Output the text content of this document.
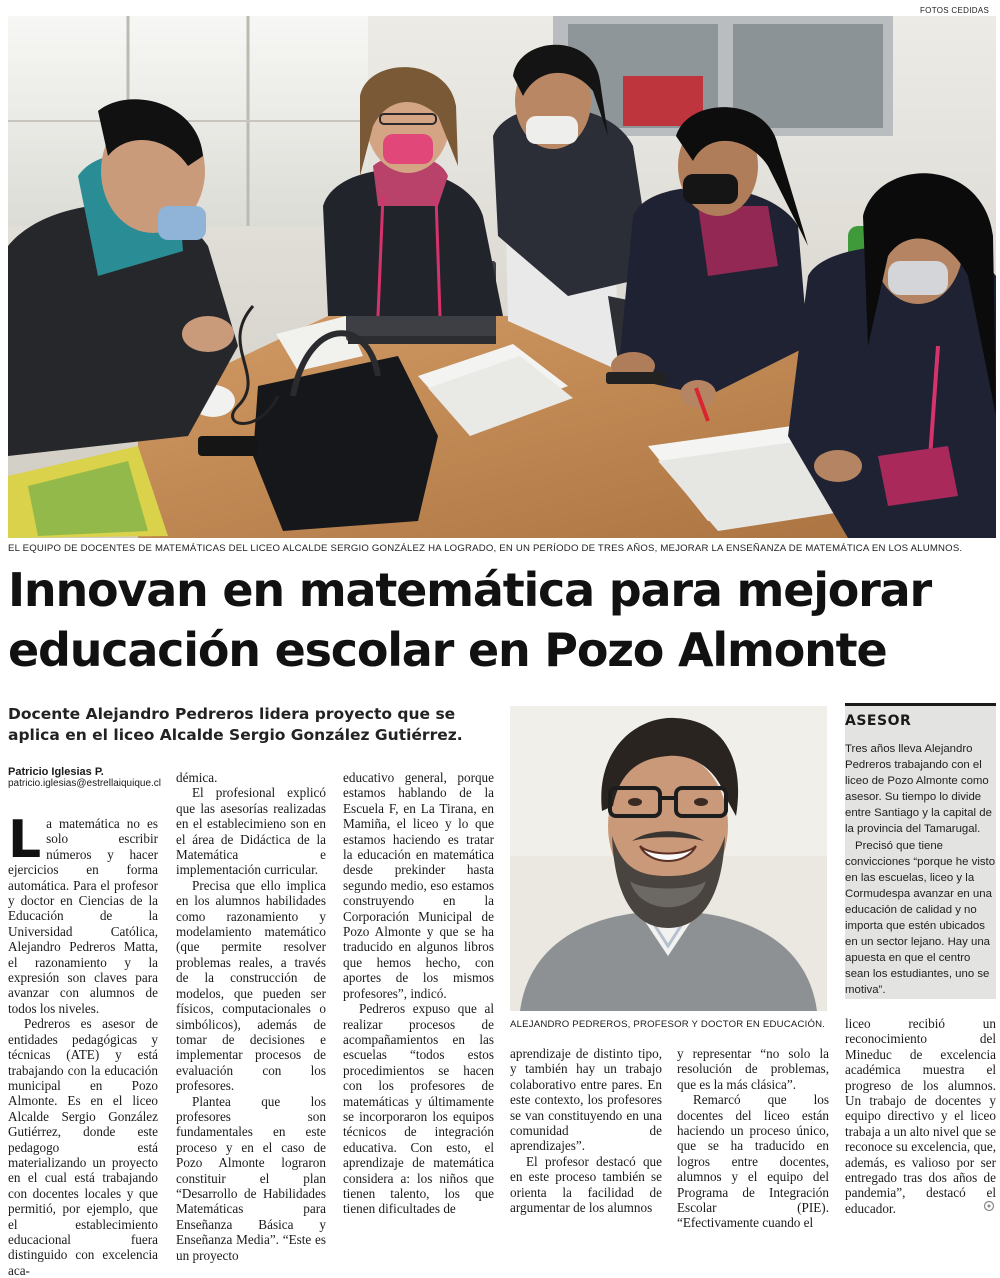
FOTOS CEDIDAS
EL EQUIPO DE DOCENTES DE MATEMÁTICAS DEL LICEO ALCALDE SERGIO GONZÁLEZ HA LOGRADO, EN UN PERÍODO DE TRES AÑOS, MEJORAR LA ENSEÑANZA DE MATEMÁTICA EN LOS ALUMNOS.
Innovan en matemática para mejorar
educación escolar en Pozo Almonte
Docente Alejandro Pedreros lidera proyecto que se aplica en el liceo Alcalde Sergio González Gutiérrez.
Patricio Iglesias P.
patricio.iglesias@estrellaiquique.cl

La matemática no es solo escribir números y hacer ejercicios en forma automática. Para el profesor y doctor en Ciencias de la Educación de la Universidad Católica, Alejandro Pedreros Matta, el razonamiento y la expresión son claves para avanzar con alumnos de todos los niveles.

Pedreros es asesor de entidades pedagógicas y técnicas (ATE) y está trabajando con la educación municipal en Pozo Almonte. Es en el liceo Alcalde Sergio González Gutiérrez, donde este pedagogo está materializando un proyecto en el cual está trabajando con docentes locales y que permitió, por ejemplo, que el establecimiento educacional fuera distinguido con excelencia aca-

démica.

El profesional explicó que las asesorías realizadas en el establecimieno son en el área de Didáctica de la Matemática e implementación curricular.

Precisa que ello implica en los alumnos habilidades como razonamiento y modelamiento matemático (que permite resolver problemas reales, a través de la construcción de modelos, que pueden ser físicos, computacionales o simbólicos), además de tomar de decisiones e implementar procesos de evaluación con los profesores.

Plantea que los profesores son fundamentales en este proceso y en el caso de Pozo Almonte lograron constituir el plan “Desarrollo de Habilidades Matemáticas para Enseñanza Básica y Enseñanza Media”. “Este es un proyecto

educativo general, porque estamos hablando de la Escuela F, en La Tirana, en Mamiña, el liceo y lo que estamos haciendo es tratar la educación en matemática desde prekinder hasta segundo medio, eso estamos construyendo en la Corporación Municipal de Pozo Almonte y que se ha traducido en algunos libros que hemos hecho, con aportes de los mismos profesores”, indicó.

Pedreros expuso que al realizar procesos de acompañamientos en las escuelas “todos estos procedimientos se hacen con los profesores de matemáticas y últimamente se incorporaron los equipos técnicos de integración educativa. Con esto, el aprendizaje de matemática considera a: los niños que tienen talento, los que tienen dificultades de

ALEJANDRO PEDREROS, PROFESOR Y DOCTOR EN EDUCACIÓN.
ASESOR

Tres años lleva Alejandro Pedreros trabajando con el liceo de Pozo Almonte como asesor. Su tiempo lo divide entre Santiago y la capital de la provincia del Tamarugal.

Precisó que tiene convicciones “porque he visto en las escuelas, liceo y la Cormudespa avanzar en una educación de calidad y no importa que estén ubicados en un sector lejano. Hay una apuesta en que el centro sean los estudiantes, uno se motiva”.

aprendizaje de distinto tipo, y también hay un trabajo colaborativo entre pares. En este contexto, los profesores se van constituyendo en una comunidad de aprendizajes”.

El profesor destacó que en este proceso también se orienta la facilidad de argumentar de los alumnos

y representar “no solo la resolución de problemas, que es la más clásica”.

Remarcó que los docentes del liceo están haciendo un proceso único, que se ha traducido en logros entre docentes, alumnos y el equipo del Programa de Integración Escolar (PIE). “Efectivamente cuando el

liceo recibió un reconocimiento del Mineduc de excelencia académica muestra el progreso de los alumnos. Un trabajo de docentes y equipo directivo y el liceo trabaja a un alto nivel que se reconoce su excelencia, que, además, es valioso por ser entregado tras dos años de pandemia”, destacó el educador.
